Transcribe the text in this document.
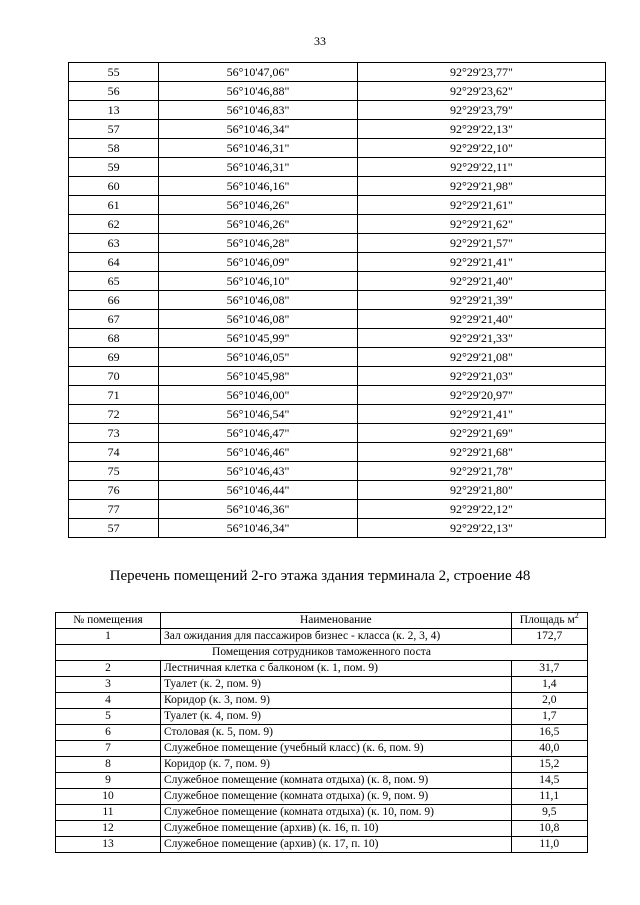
33
55	56°10'47,06"	92°29'23,77"
56	56°10'46,88"	92°29'23,62"
13	56°10'46,83"	92°29'23,79"
57	56°10'46,34"	92°29'22,13"
58	56°10'46,31"	92°29'22,10"
59	56°10'46,31"	92°29'22,11"
60	56°10'46,16"	92°29'21,98"
61	56°10'46,26"	92°29'21,61"
62	56°10'46,26"	92°29'21,62"
63	56°10'46,28"	92°29'21,57"
64	56°10'46,09"	92°29'21,41"
65	56°10'46,10"	92°29'21,40"
66	56°10'46,08"	92°29'21,39"
67	56°10'46,08"	92°29'21,40"
68	56°10'45,99"	92°29'21,33"
69	56°10'46,05"	92°29'21,08"
70	56°10'45,98"	92°29'21,03"
71	56°10'46,00"	92°29'20,97"
72	56°10'46,54"	92°29'21,41"
73	56°10'46,47"	92°29'21,69"
74	56°10'46,46"	92°29'21,68"
75	56°10'46,43"	92°29'21,78"
76	56°10'46,44"	92°29'21,80"
77	56°10'46,36"	92°29'22,12"
57	56°10'46,34"	92°29'22,13"
Перечень помещений 2-го этажа здания терминала 2, строение 48
№ помещения	Наименование	Площадь $м^2$
1	Зал ожидания для пассажиров бизнес - класса (к. 2, 3, 4)	172,7
Помещения сотрудников таможенного поста		
2	Лестничная клетка с балконом (к. 1, пом. 9)	31,7
3	Туалет (к. 2, пом. 9)	1,4
4	Коридор (к. 3, пом. 9)	2,0
5	Туалет (к. 4, пом. 9)	1,7
6	Столовая (к. 5, пом. 9)	16,5
7	Служебное помещение (учебный класс) (к. 6, пом. 9)	40,0
8	Коридор (к. 7, пом. 9)	15,2
9	Служебное помещение (комната отдыха) (к. 8, пом. 9)	14,5
10	Служебное помещение (комната отдыха) (к. 9, пом. 9)	11,1
11	Служебное помещение (комната отдыха) (к. 10, пом. 9)	9,5
12	Служебное помещение (архив) (к. 16, п. 10)	10,8
13	Служебное помещение (архив) (к. 17, п. 10)	11,0
